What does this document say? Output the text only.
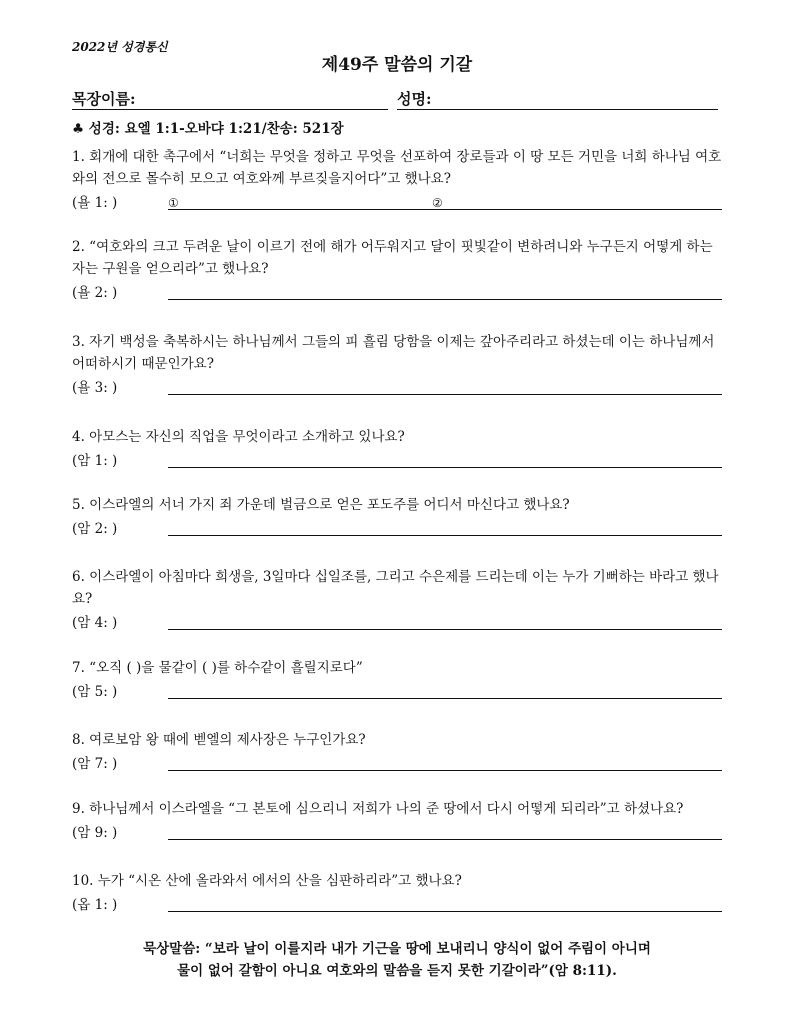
2022년 성경통신
제49주 말씀의 기갈
목장이름:	성명:
♣ 성경: 요엘 1:1-오바댜 1:21/찬송: 521장

1. 회개에 대한 촉구에서 “너희는 무엇을 정하고 무엇을 선포하여 장로들과 이 땅 모든 거민을 너희 하나님 여호와의 전으로 몰수히 모으고 여호와께 부르짖을지어다”고 했나요?

(욜 1: )	①	②

2. “여호와의 크고 두려운 날이 이르기 전에 해가 어두워지고 달이 핏빛같이 변하려니와 누구든지 어떻게 하는 자는 구원을 얻으리라”고 했나요?

(욜 2: )

3. 자기 백성을 축복하시는 하나님께서 그들의 피 흘림 당함을 이제는 갚아주리라고 하셨는데 이는 하나님께서 어떠하시기 때문인가요?

(욜 3: )

4. 아모스는 자신의 직업을 무엇이라고 소개하고 있나요?

(암 1: )

5. 이스라엘의 서너 가지 죄 가운데 벌금으로 얻은 포도주를 어디서 마신다고 했나요?

(암 2: )

6. 이스라엘이 아침마다 희생을, 3일마다 십일조를, 그리고 수은제를 드리는데 이는 누가 기뻐하는 바라고 했나요?

(암 4: )

7. “오직 ( )을 물같이 ( )를 하수같이 흘릴지로다”

(암 5: )

8. 여로보암 왕 때에 벧엘의 제사장은 누구인가요?

(암 7: )

9. 하나님께서 이스라엘을 “그 본토에 심으리니 저희가 나의 준 땅에서 다시 어떻게 되리라”고 하셨나요?

(암 9: )

10. 누가 “시온 산에 올라와서 에서의 산을 심판하리라”고 했나요?

(옵 1: )
묵상말씀: “보라 날이 이를지라 내가 기근을 땅에 보내리니 양식이 없어 주림이 아니며
물이 없어 갈함이 아니요 여호와의 말씀을 듣지 못한 기갈이라”(암 8:11).
